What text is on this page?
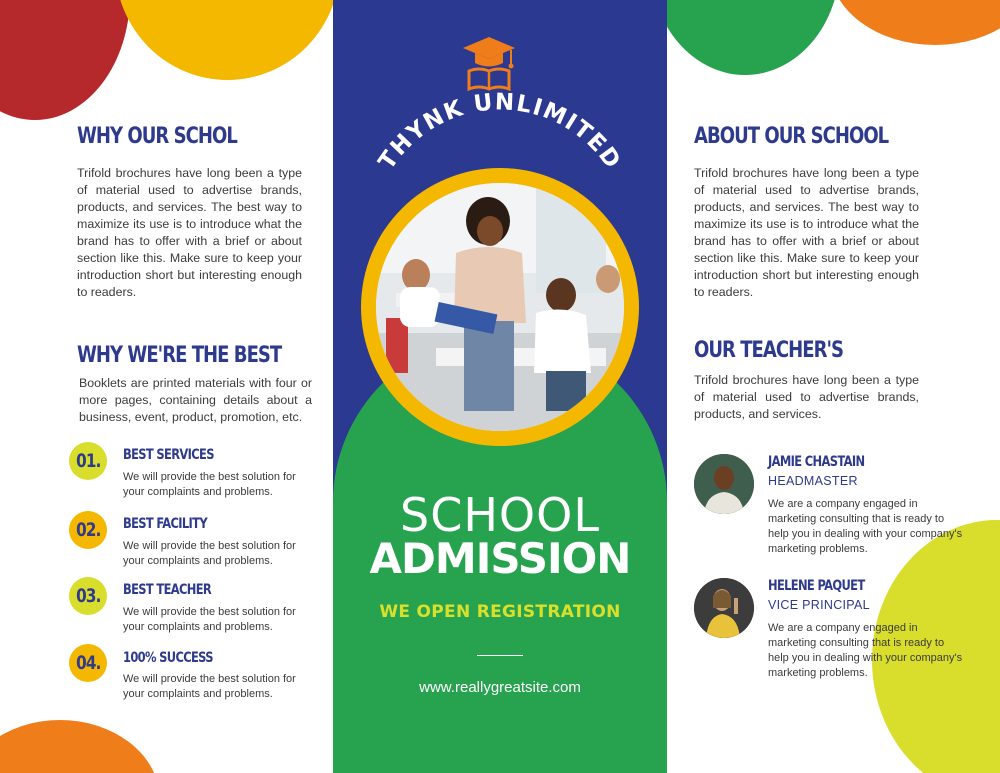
WHY OUR SCHOL
Trifold brochures have long been a type of material used to advertise brands, products, and services. The best way to maximize its use is to introduce what the brand has to offer with a brief or about section like this. Make sure to keep your introduction short but interesting enough to readers.
WHY WE'RE THE BEST
Booklets are printed materials with four or more pages, containing details about a business, event, product, promotion, etc.
01. BEST SERVICES
We will provide the best solution for your complaints and problems.
02. BEST FACILITY
We will provide the best solution for your complaints and problems.
03. BEST TEACHER
We will provide the best solution for your complaints and problems.
04. 100% SUCCESS
We will provide the best solution for your complaints and problems.
THYNK UNLIMITED
SCHOOL
ADMISSION
WE OPEN REGISTRATION
www.reallygreatsite.com
ABOUT OUR SCHOOL
Trifold brochures have long been a type of material used to advertise brands, products, and services. The best way to maximize its use is to introduce what the brand has to offer with a brief or about section like this. Make sure to keep your introduction short but interesting enough to readers.
OUR TEACHER'S
Trifold brochures have long been a type of material used to advertise brands, products, and services.
JAMIE CHASTAIN
HEADMASTER
We are a company engaged in marketing consulting that is ready to help you in dealing with your company's marketing problems.
HELENE PAQUET
VICE PRINCIPAL
We are a company engaged in marketing consulting that is ready to help you in dealing with your company's marketing problems.
